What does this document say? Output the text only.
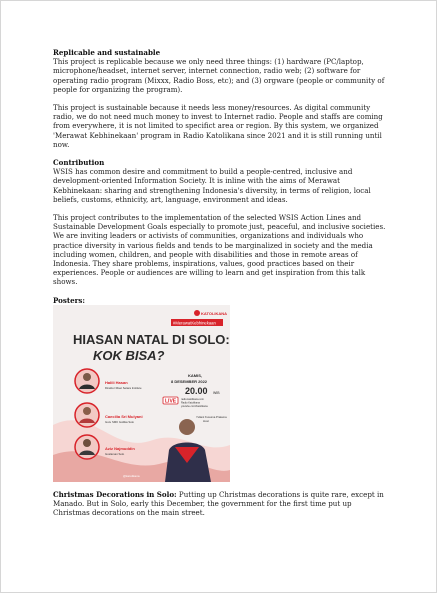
Replicable and sustainable

This project is replicable because we only need three things: (1) hardware (PC/laptop, microphone/headset, internet server, internet connection, radio web; (2) software for operating radio program (Mixxx, Radio Boss, etc); and (3) orgware (people or community of people for organizing the program).

This project is sustainable because it needs less money/resources. As digital community radio, we do not need much money to invest to Internet radio. People and staffs are coming from everywhere, it is not limited to specifict area or region. By this system, we organized 'Merawat Kebhinekaan' program in Radio Katolikana since 2021 and it is still running until now.

Contribution

WSIS has common desire and commitment to build a people-centred, inclusive and development-oriented Information Society. It is inline with the aims of Merawat Kebhinekaan: sharing and strengthening Indonesia's diversity, in terms of religion, local beliefs, customs, ethnicity, art, language, environment and ideas.

This project contributes to the implementation of the selected WSIS Action Lines and Sustainable Development Goals especially to promote just, peaceful, and inclusive societies. We are inviting leaders or activists of communities, organizations and individuals who practice diversity in various fields and tends to be marginalized in society and the media including women, children, and people with disabilities and those in remote areas of Indonesia. They share problems, inspirations, values, good practices based on their experiences. People or audiences are willing to learn and get inspiration from this talk shows.

Posters:

KATOLIKANA
#MerawatKebhinekaan
HIASAN NATAL DI SOLO:
KOK BISA?
Halili Hasan
Direktur Riset Setara Institute
Caecilia Sri Mulyani
Guru SMK Gotlika Solo
Aziz Najmuddin
Guslaman Solo
KAMIS,
8 DESEMBER 2022
20.00 WIB
LIVE radio.katolikana.com
Radio Katolikana
youtube.com/Katolikana
Yuliani Kusuma Pratama
Host
@katolikana
Christmas Decorations in Solo: Putting up Christmas decorations is quite rare, except in Manado. But in Solo, early this December, the government for the first time put up Christmas decorations on the main street.
